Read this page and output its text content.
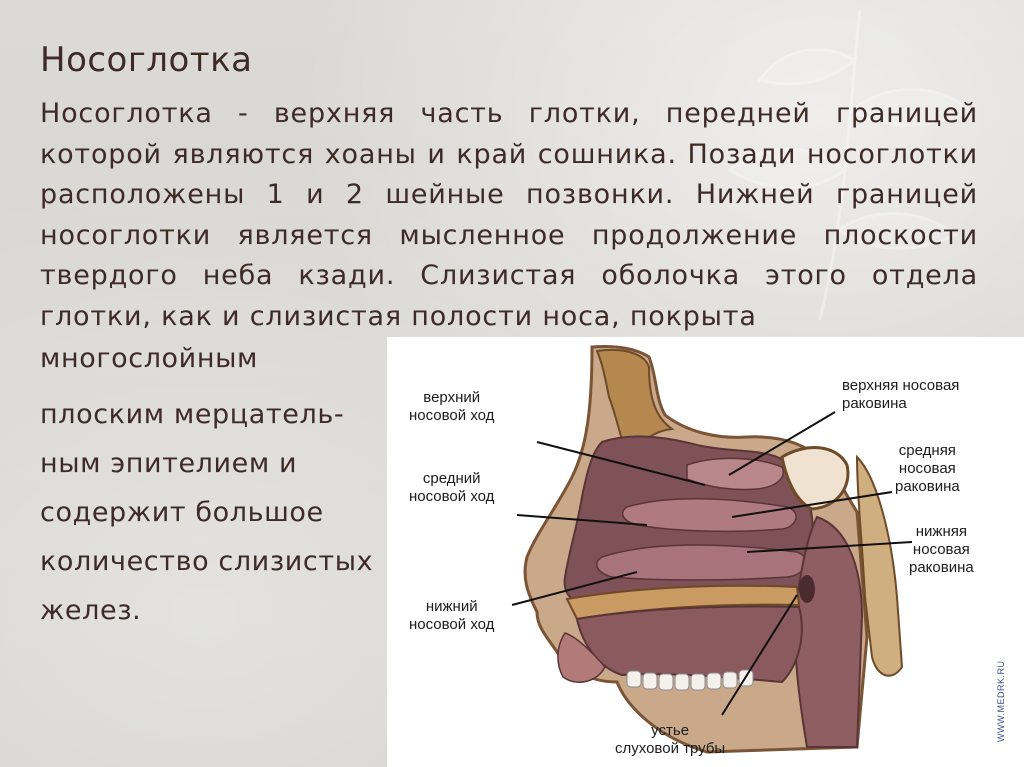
Носоглотка

Носоглотка - верхняя часть глотки, передней границей которой являются хоаны и край сошника. Позади носоглотки расположены 1 и 2 шейные позвонки. Нижней границей носоглотки является мысленное продолжение плоскости твердого неба кзади. Слизистая оболочка этого отдела глотки, как и слизистая полости носа, покрыта

многослойным
плоским мерцатель-
ным эпителием и
содержит большое
количество слизистых
желез.

верхний
носовой ход
верхняя носовая
раковина
средний
носовой ход
средняя
носовая
раковина
нижняя
носовая
раковина
нижний
носовой ход
устье
слуховой трубы
WWW.MEDRK.RU
